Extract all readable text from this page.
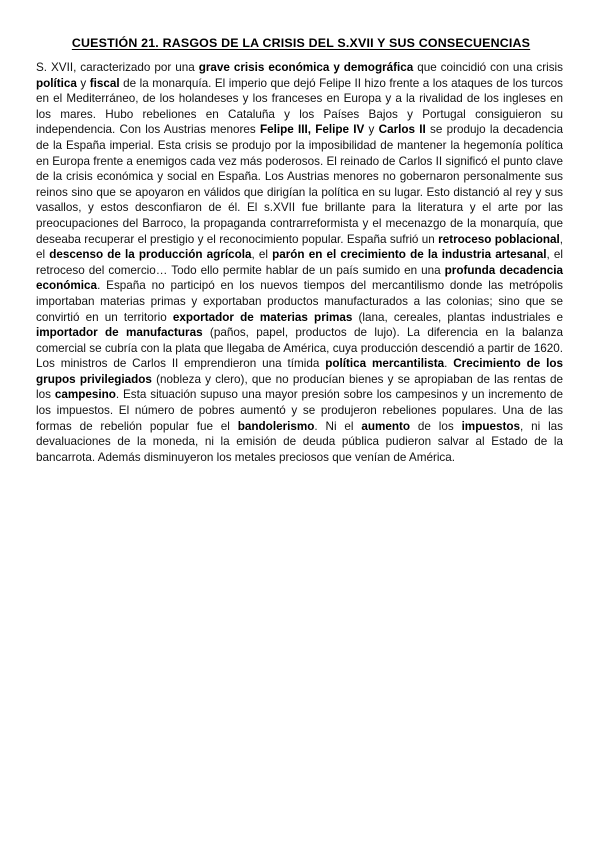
CUESTIÓN 21. RASGOS DE LA CRISIS DEL S.XVII Y SUS CONSECUENCIAS

S. XVII, caracterizado por una grave crisis económica y demográfica que coincidió con una crisis política y fiscal de la monarquía. El imperio que dejó Felipe II hizo frente a los ataques de los turcos en el Mediterráneo, de los holandeses y los franceses en Europa y a la rivalidad de los ingleses en los mares. Hubo rebeliones en Cataluña y los Países Bajos y Portugal consiguieron su independencia. Con los Austrias menores Felipe III, Felipe IV y Carlos II se produjo la decadencia de la España imperial. Esta crisis se produjo por la imposibilidad de mantener la hegemonía política en Europa frente a enemigos cada vez más poderosos. El reinado de Carlos II significó el punto clave de la crisis económica y social en España. Los Austrias menores no gobernaron personalmente sus reinos sino que se apoyaron en válidos que dirigían la política en su lugar. Esto distanció al rey y sus vasallos, y estos desconfiaron de él. El s.XVII fue brillante para la literatura y el arte por las preocupaciones del Barroco, la propaganda contrarreformista y el mecenazgo de la monarquía, que deseaba recuperar el prestigio y el reconocimiento popular. España sufrió un retroceso poblacional, el descenso de la producción agrícola, el parón en el crecimiento de la industria artesanal, el retroceso del comercio… Todo ello permite hablar de un país sumido en una profunda decadencia económica. España no participó en los nuevos tiempos del mercantilismo donde las metrópolis importaban materias primas y exportaban productos manufacturados a las colonias; sino que se convirtió en un territorio exportador de materias primas (lana, cereales, plantas industriales e importador de manufacturas (paños, papel, productos de lujo). La diferencia en la balanza comercial se cubría con la plata que llegaba de América, cuya producción descendió a partir de 1620. Los ministros de Carlos II emprendieron una tímida política mercantilista. Crecimiento de los grupos privilegiados (nobleza y clero), que no producían bienes y se apropiaban de las rentas de los campesino. Esta situación supuso una mayor presión sobre los campesinos y un incremento de los impuestos. El número de pobres aumentó y se produjeron rebeliones populares. Una de las formas de rebelión popular fue el bandolerismo. Ni el aumento de los impuestos, ni las devaluaciones de la moneda, ni la emisión de deuda pública pudieron salvar al Estado de la bancarrota. Además disminuyeron los metales preciosos que venían de América.
